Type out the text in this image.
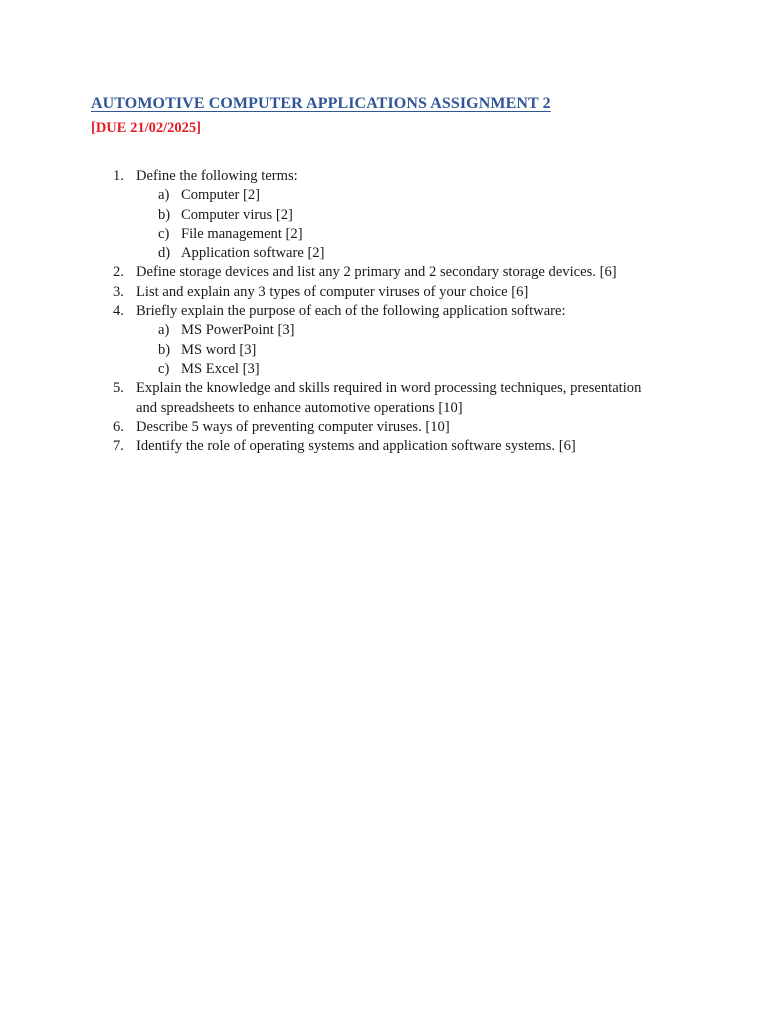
AUTOMOTIVE COMPUTER APPLICATIONS ASSIGNMENT 2
[DUE 21/02/2025]
1. Define the following terms:
a) Computer [2]
b) Computer virus [2]
c) File management [2]
d) Application software [2]
2. Define storage devices and list any 2 primary and 2 secondary storage devices. [6]
3. List and explain any 3 types of computer viruses of your choice [6]
4. Briefly explain the purpose of each of the following application software:
a) MS PowerPoint [3]
b) MS word [3]
c) MS Excel [3]
5. Explain the knowledge and skills required in word processing techniques, presentation
and spreadsheets to enhance automotive operations [10]
6. Describe 5 ways of preventing computer viruses. [10]
7. Identify the role of operating systems and application software systems. [6]
